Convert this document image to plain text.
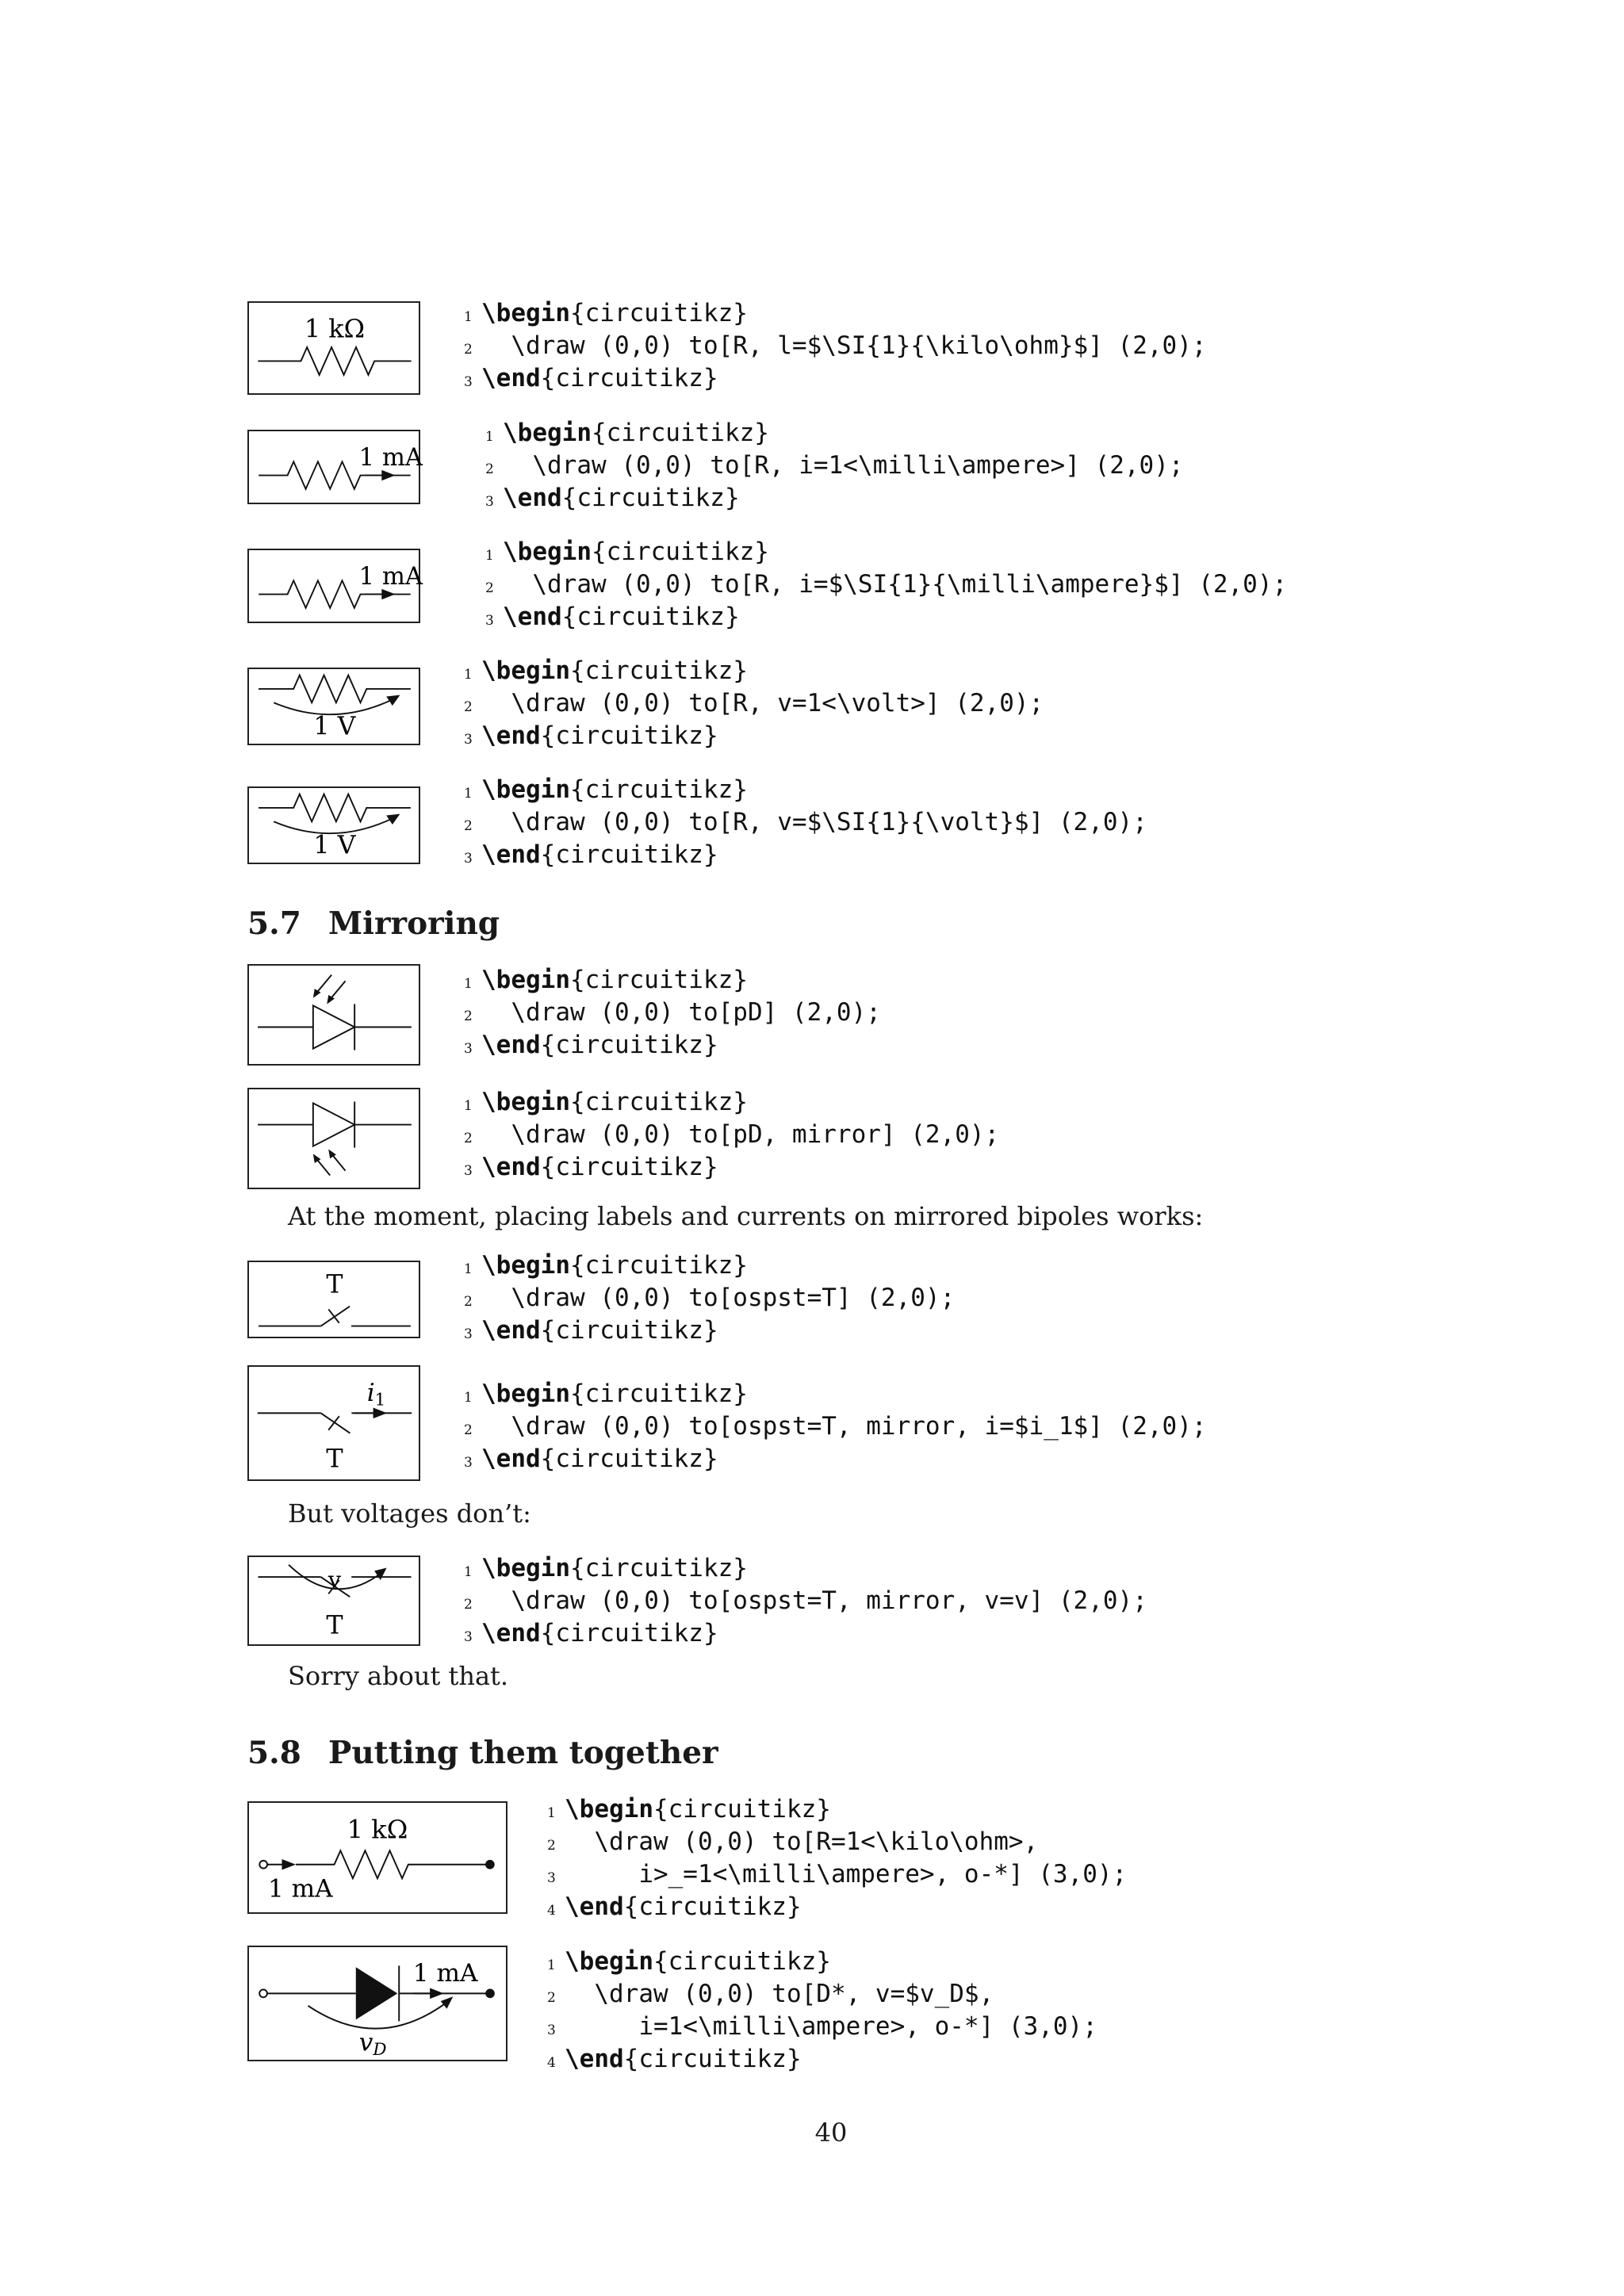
1 kΩ	1 \begin{circuitikz}
2  \draw (0,0) to[R, l=$\SI{1}{\kilo\ohm}$] (2,0);
3 \end{circuitikz}
1 mA
1 \begin{circuitikz}
2  \draw (0,0) to[R, i=1<\milli\ampere>] (2,0);
3 \end{circuitikz}
1 mA
1 \begin{circuitikz}
2  \draw (0,0) to[R, i=$\SI{1}{\milli\ampere}$] (2,0);
3 \end{circuitikz}
1 V
1 \begin{circuitikz}
2  \draw (0,0) to[R, v=1<\volt>] (2,0);
3 \end{circuitikz}
1 V
1 \begin{circuitikz}
2  \draw (0,0) to[R, v=$\SI{1}{\volt}$] (2,0);
3 \end{circuitikz}
5.7 Mirroring
1 \begin{circuitikz}
2  \draw (0,0) to[pD] (2,0);
3 \end{circuitikz}
1 \begin{circuitikz}
2  \draw (0,0) to[pD, mirror] (2,0);
3 \end{circuitikz}
At the moment, placing labels and currents on mirrored bipoles works:
T
1 \begin{circuitikz}
2  \draw (0,0) to[ospst=T] (2,0);
3 \end{circuitikz}
i1
T
1 \begin{circuitikz}
2  \draw (0,0) to[ospst=T, mirror, i=$i_1$] (2,0);
3 \end{circuitikz}
But voltages don’t:
v
T
1 \begin{circuitikz}
2  \draw (0,0) to[ospst=T, mirror, v=v] (2,0);
3 \end{circuitikz}
Sorry about that.
5.8 Putting them together
1 kΩ
1 mA
1 \begin{circuitikz}
2  \draw (0,0) to[R=1<\kilo\ohm>,
3     i>_=1<\milli\ampere>, o-*] (3,0);
4 \end{circuitikz}
1 mA
vD
1 \begin{circuitikz}
2  \draw (0,0) to[D*, v=$v_D$,
3     i=1<\milli\ampere>, o-*] (3,0);
4 \end{circuitikz}
40
